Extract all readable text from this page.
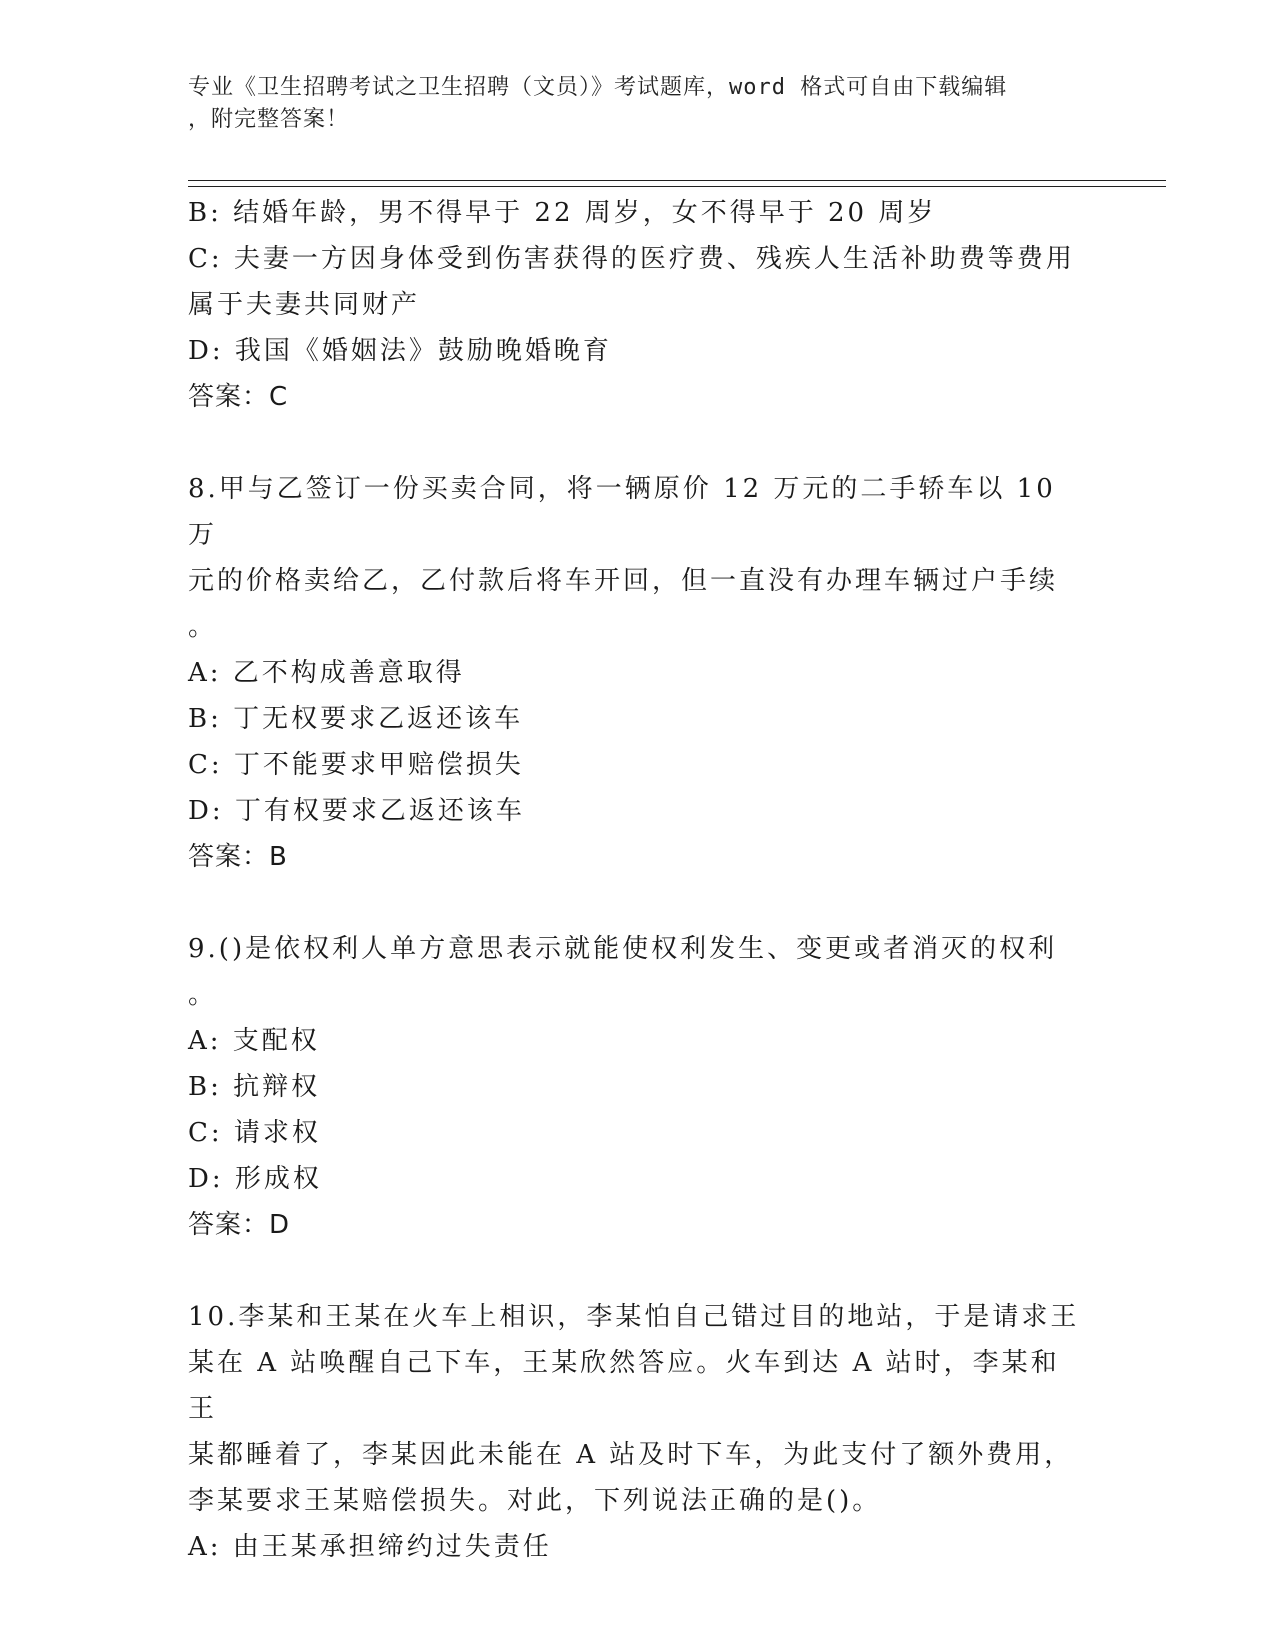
专业《卫生招聘考试之卫生招聘（文员）》考试题库，word 格式可自由下载编辑
，附完整答案！
B: 结婚年龄，男不得早于 22 周岁，女不得早于 20 周岁
C: 夫妻一方因身体受到伤害获得的医疗费、残疾人生活补助费等费用
属于夫妻共同财产
D: 我国《婚姻法》鼓励晚婚晚育
答案：C
8.甲与乙签订一份买卖合同，将一辆原价 12 万元的二手轿车以 10 万
元的价格卖给乙，乙付款后将车开回，但一直没有办理车辆过户手续
。
A: 乙不构成善意取得
B: 丁无权要求乙返还该车
C: 丁不能要求甲赔偿损失
D: 丁有权要求乙返还该车
答案：B
9.()是依权利人单方意思表示就能使权利发生、变更或者消灭的权利
。
A: 支配权
B: 抗辩权
C: 请求权
D: 形成权
答案：D
10.李某和王某在火车上相识，李某怕自己错过目的地站，于是请求王
某在 A 站唤醒自己下车，王某欣然答应。火车到达 A 站时，李某和王
某都睡着了，李某因此未能在 A 站及时下车，为此支付了额外费用，
李某要求王某赔偿损失。对此，下列说法正确的是()。
A: 由王某承担缔约过失责任
